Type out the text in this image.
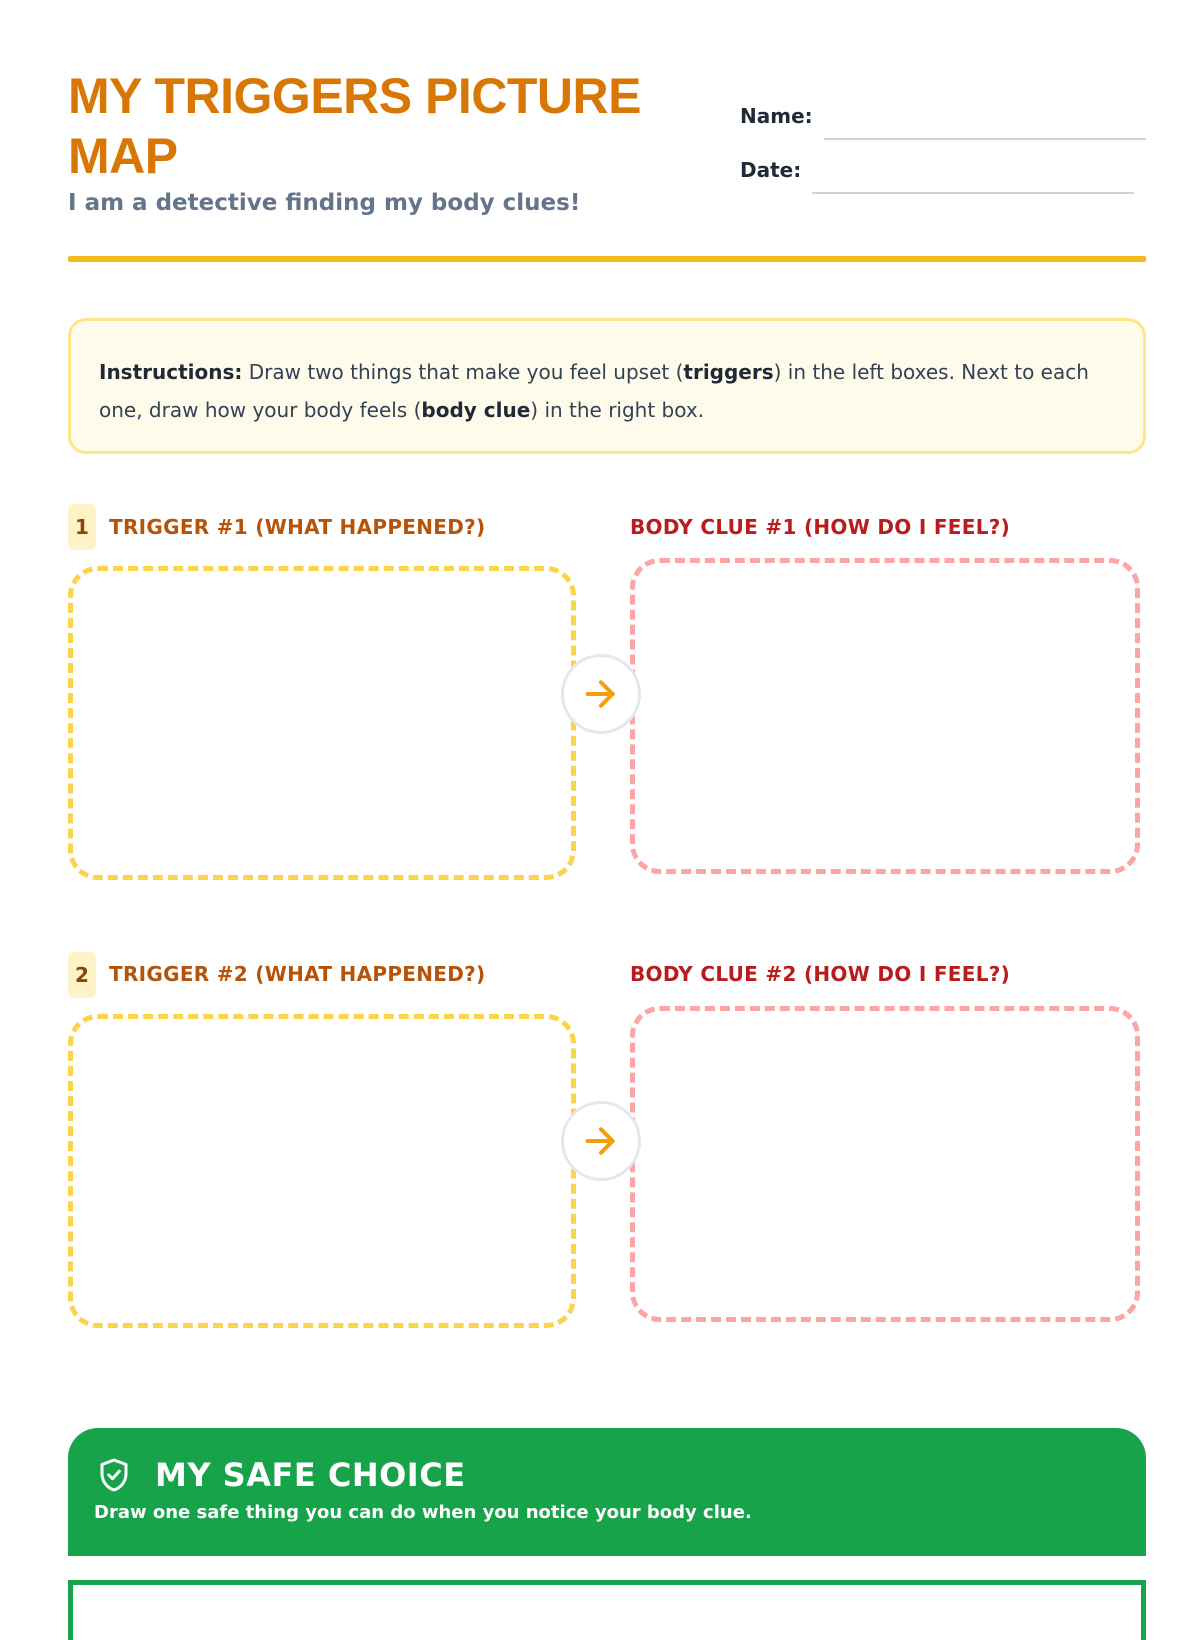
MY TRIGGERS PICTURE MAP
I am a detective finding my body clues!
Name:
Date:
Instructions: Draw two things that make you feel upset (triggers) in the left boxes. Next to each one, draw how your body feels (body clue) in the right box.
1	TRIGGER #1 (WHAT HAPPENED?)	BODY CLUE #1 (HOW DO I FEEL?)
2	TRIGGER #2 (WHAT HAPPENED?)	BODY CLUE #2 (HOW DO I FEEL?)
MY SAFE CHOICE
Draw one safe thing you can do when you notice your body clue.
